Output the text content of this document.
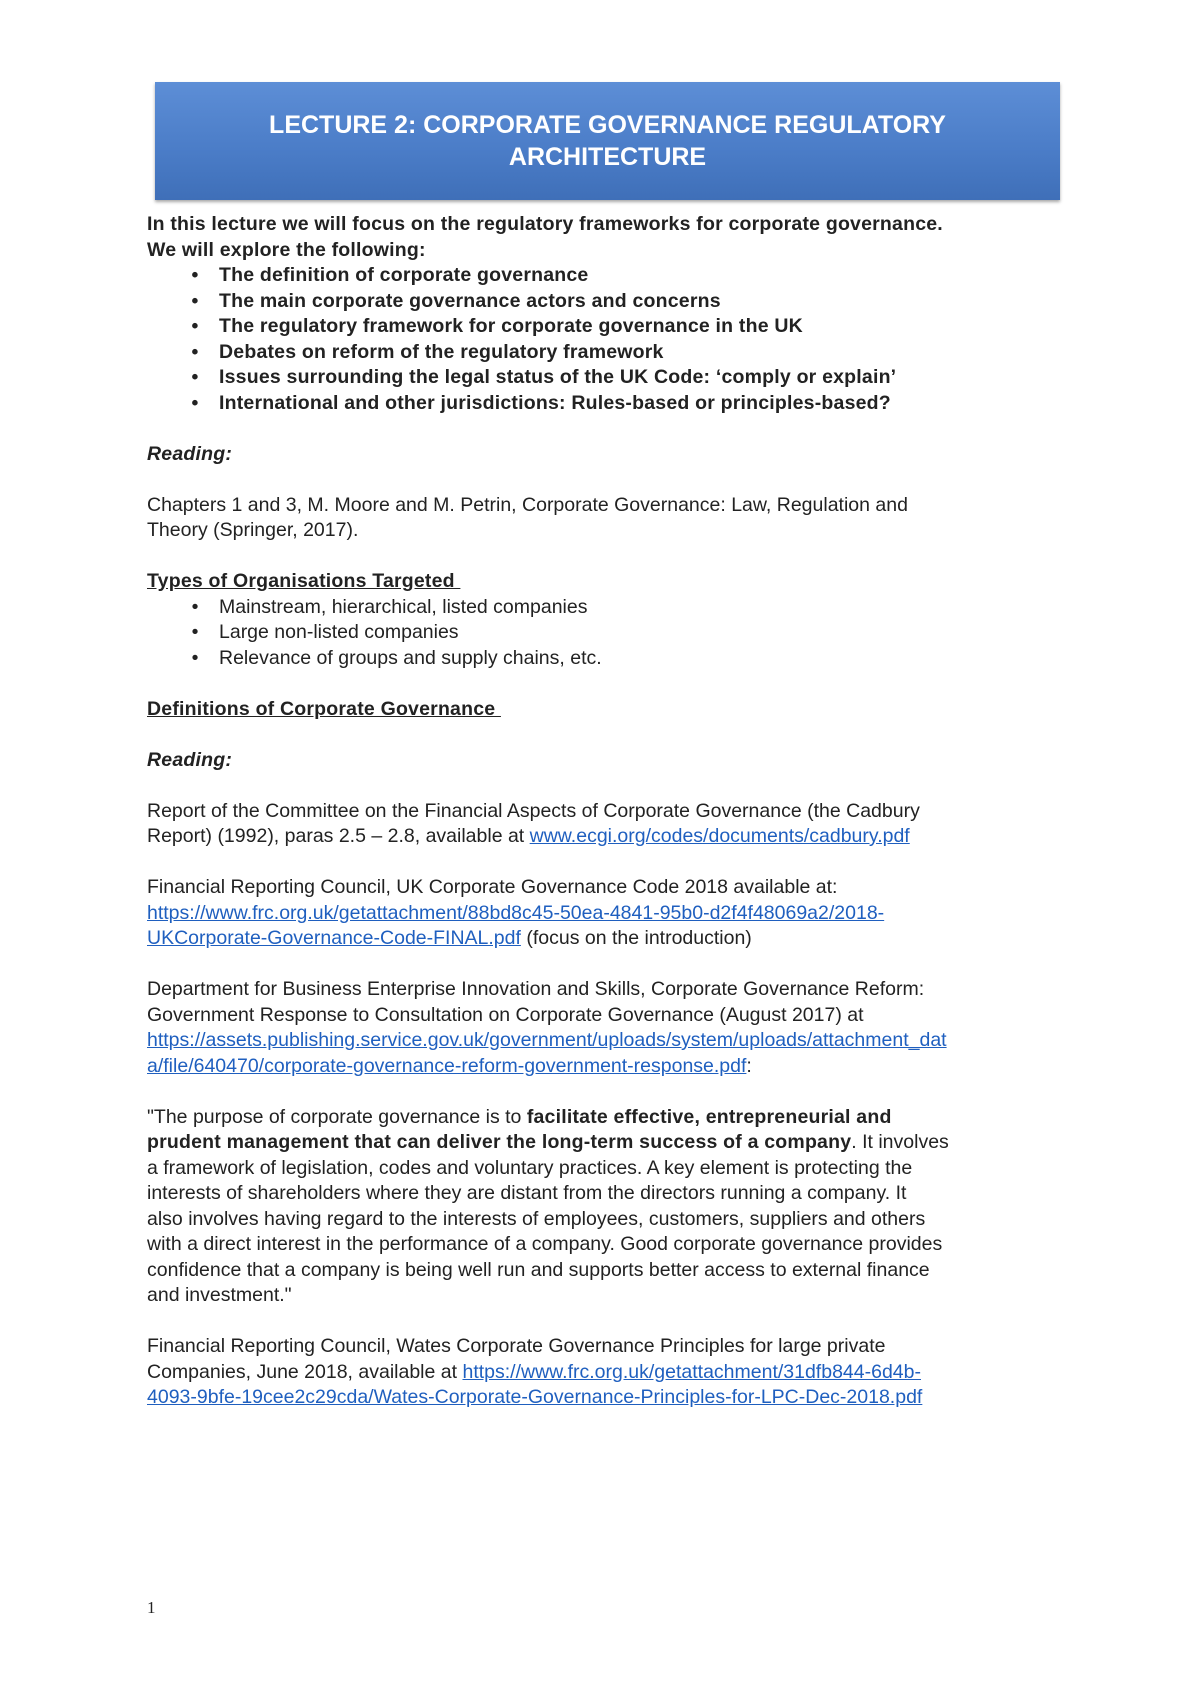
LECTURE 2: CORPORATE GOVERNANCE REGULATORY
ARCHITECTURE

In this lecture we will focus on the regulatory frameworks for corporate governance.

We will explore the following:

•	The definition of corporate governance
•	The main corporate governance actors and concerns
•	The regulatory framework for corporate governance in the UK
•	Debates on reform of the regulatory framework
•	Issues surrounding the legal status of the UK Code: ‘comply or explain’
•	International and other jurisdictions: Rules-based or principles-based?

Reading:

Chapters 1 and 3, M. Moore and M. Petrin, Corporate Governance: Law, Regulation and

Theory (Springer, 2017).

Types of Organisations Targeted

•	Mainstream, hierarchical, listed companies
•	Large non-listed companies
•	Relevance of groups and supply chains, etc.

Definitions of Corporate Governance

Reading:

Report of the Committee on the Financial Aspects of Corporate Governance (the Cadbury

Report) (1992), paras 2.5 – 2.8, available at www.ecgi.org/codes/documents/cadbury.pdf

Financial Reporting Council, UK Corporate Governance Code 2018 available at:

https://www.frc.org.uk/getattachment/88bd8c45-50ea-4841-95b0-d2f4f48069a2/2018-

UKCorporate-Governance-Code-FINAL.pdf (focus on the introduction)

Department for Business Enterprise Innovation and Skills, Corporate Governance Reform:

Government Response to Consultation on Corporate Governance (August 2017) at

https://assets.publishing.service.gov.uk/government/uploads/system/uploads/attachment_dat

a/file/640470/corporate-governance-reform-government-response.pdf:

"The purpose of corporate governance is to facilitate effective, entrepreneurial and

prudent management that can deliver the long-term success of a company. It involves

a framework of legislation, codes and voluntary practices. A key element is protecting the

interests of shareholders where they are distant from the directors running a company. It

also involves having regard to the interests of employees, customers, suppliers and others

with a direct interest in the performance of a company. Good corporate governance provides

confidence that a company is being well run and supports better access to external finance

and investment."

Financial Reporting Council, Wates Corporate Governance Principles for large private

Companies, June 2018, available at https://www.frc.org.uk/getattachment/31dfb844-6d4b-

4093-9bfe-19cee2c29cda/Wates-Corporate-Governance-Principles-for-LPC-Dec-2018.pdf

1
